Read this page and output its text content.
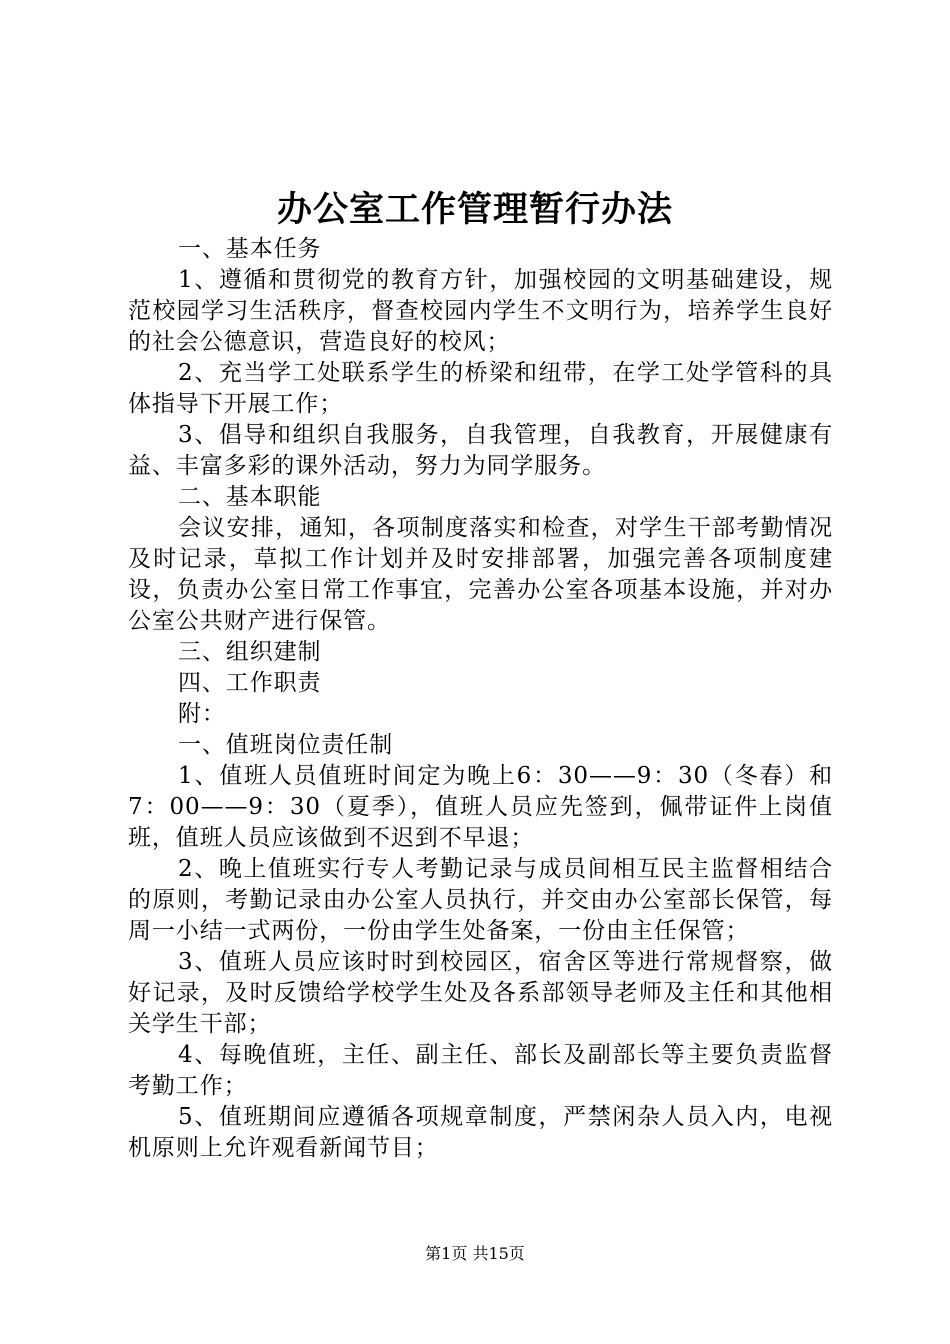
办公室工作管理暂行办法

一、基本任务

1、遵循和贯彻党的教育方针，加强校园的文明基础建设，规范校园学习生活秩序，督查校园内学生不文明行为，培养学生良好的社会公德意识，营造良好的校风；

2、充当学工处联系学生的桥梁和纽带，在学工处学管科的具体指导下开展工作；

3、倡导和组织自我服务，自我管理，自我教育，开展健康有益、丰富多彩的课外活动，努力为同学服务。

二、基本职能

会议安排，通知，各项制度落实和检查，对学生干部考勤情况及时记录，草拟工作计划并及时安排部署，加强完善各项制度建设，负责办公室日常工作事宜，完善办公室各项基本设施，并对办公室公共财产进行保管。

三、组织建制

四、工作职责

附：

一、值班岗位责任制

1、值班人员值班时间定为晚上6：30——9：30（冬春）和7：00——9：30（夏季），值班人员应先签到，佩带证件上岗值班，值班人员应该做到不迟到不早退；

2、晚上值班实行专人考勤记录与成员间相互民主监督相结合的原则，考勤记录由办公室人员执行，并交由办公室部长保管，每周一小结一式两份，一份由学生处备案，一份由主任保管；

3、值班人员应该时时到校园区，宿舍区等进行常规督察，做好记录，及时反馈给学校学生处及各系部领导老师及主任和其他相关学生干部；

4、每晚值班，主任、副主任、部长及副部长等主要负责监督考勤工作；

5、值班期间应遵循各项规章制度，严禁闲杂人员入内，电视机原则上允许观看新闻节目；

第1页 共15页
